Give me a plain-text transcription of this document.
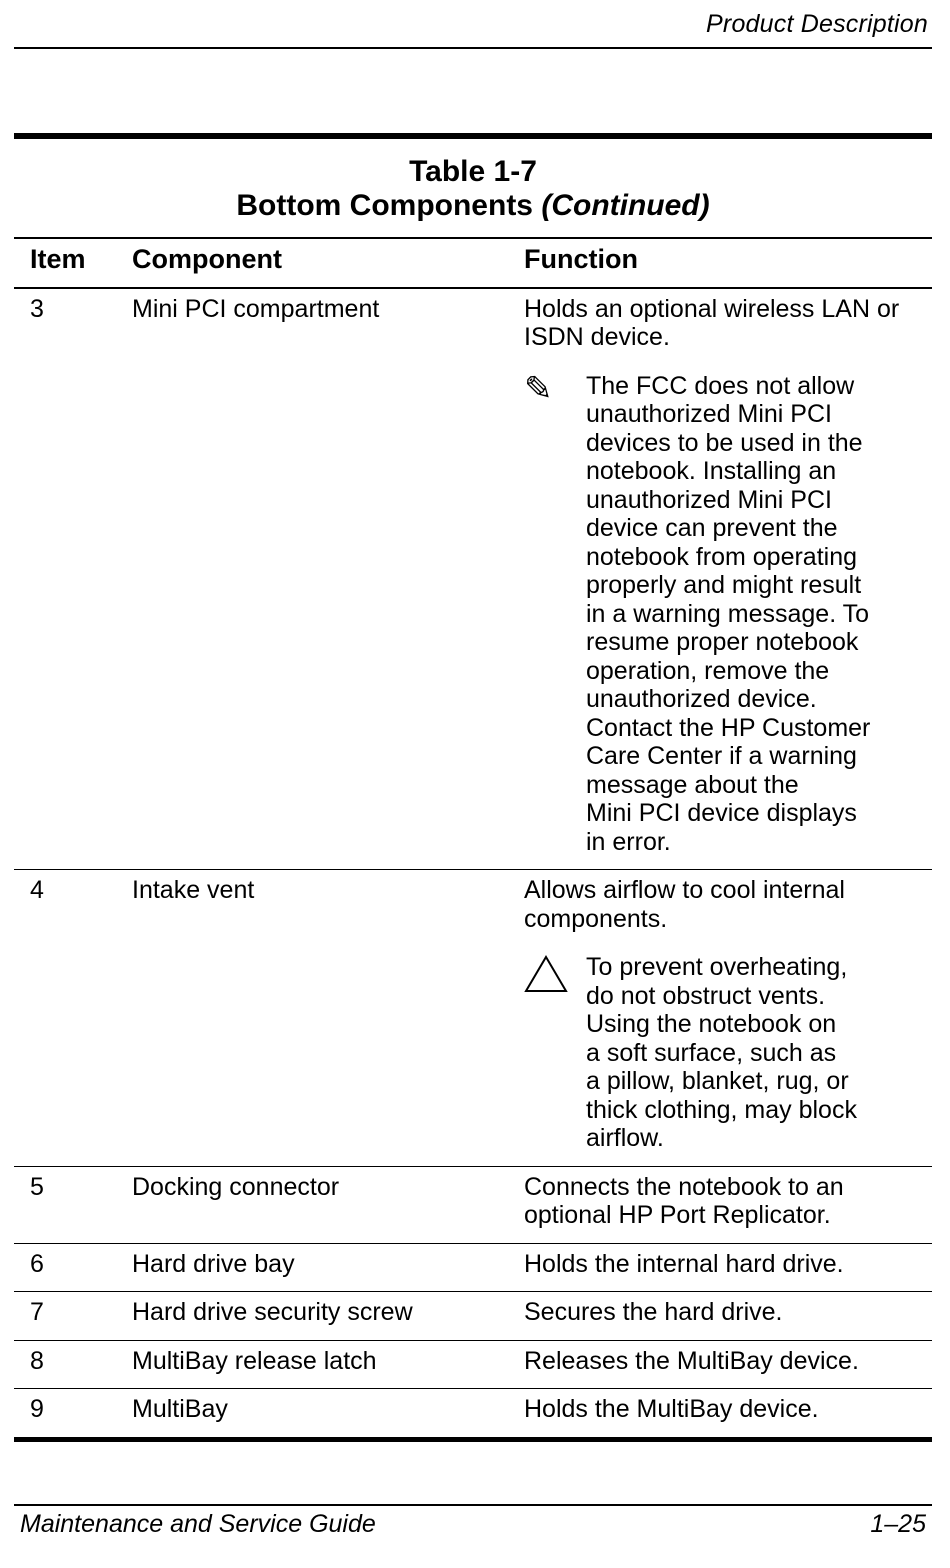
Product Description
Table 1-7
Bottom Components (Continued)
Item	Component	Function
3	Mini PCI compartment	Holds an optional wireless LAN or ISDN device.
✎	The FCC does not allow
unauthorized Mini PCI
devices to be used in the
notebook. Installing an
unauthorized Mini PCI
device can prevent the
notebook from operating
properly and might result
in a warning message. To
resume proper notebook
operation, remove the
unauthorized device.
Contact the HP Customer
Care Center if a warning
message about the
Mini PCI device displays
in error.
4	Intake vent	Allows airflow to cool internal components.
To prevent overheating,
do not obstruct vents.
Using the notebook on
a soft surface, such as
a pillow, blanket, rug, or
thick clothing, may block
airflow.
5	Docking connector	Connects the notebook to an optional HP Port Replicator.
6	Hard drive bay	Holds the internal hard drive.
7	Hard drive security screw	Secures the hard drive.
8	MultiBay release latch	Releases the MultiBay device.
9	MultiBay	Holds the MultiBay device.
Maintenance and Service Guide	1–25
